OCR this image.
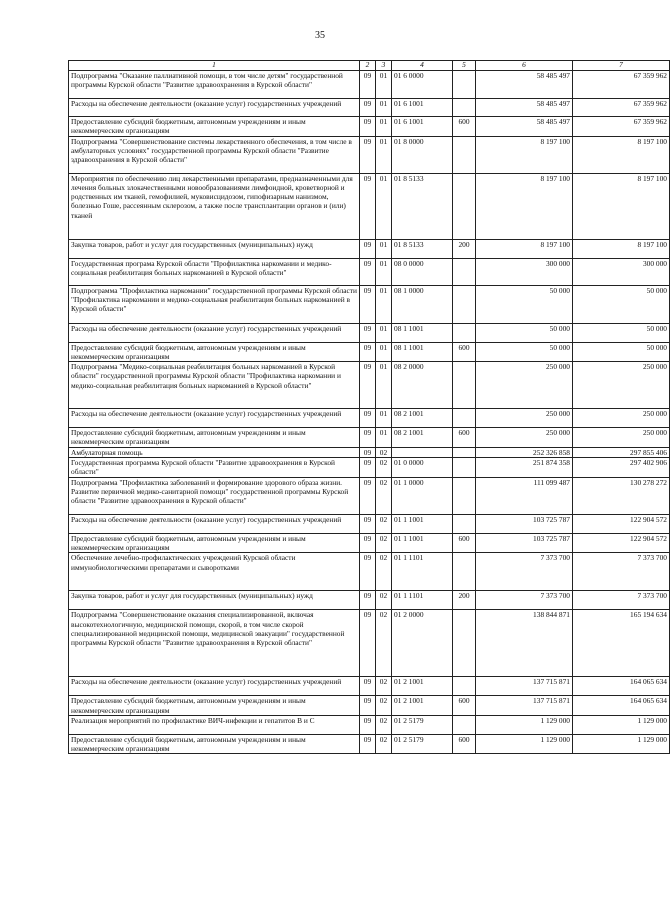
35
1	2	3	4	5	6	7
Подпрограмма "Оказание паллиативной помощи, в том числе детям" государственной программы Курской области "Развитие здравоохранения в Курской области"	09	01	01 6 0000		58 485 497	67 359 962
Расходы на обеспечение деятельности (оказание услуг) государственных учреждений	09	01	01 6 1001		58 485 497	67 359 962
Предоставление субсидий бюджетным, автономным учреждениям и иным некоммерческим организациям	09	01	01 6 1001	600	58 485 497	67 359 962
Подпрограмма "Совершенствование системы лекарственного обеспечения, в том числе в амбулаторных условиях" государственной программы Курской области "Развитие здравоохранения в Курской области"	09	01	01 8 0000		8 197 100	8 197 100
Мероприятия по обеспечению лиц лекарственными препаратами, предназначенными для лечения больных злокачественными новообразованиями лимфоидной, кроветворной и родственных им тканей, гемофилией, муковисцидозом, гипофизарным нанизмом, болезнью Гоше, рассеянным склерозом, а также после трансплантации органов и (или) тканей	09	01	01 8 5133		8 197 100	8 197 100
Закупка товаров, работ и услуг для государственных (муниципальных) нужд	09	01	01 8 5133	200	8 197 100	8 197 100
Государственная програма Курской области "Профилактика наркомании и медико-социальная реабилитация больных наркоманией в Курской области"	09	01	08 0 0000		300 000	300 000
Подпрограмма "Профилактика наркомании" государственной программы Курской области "Профилактика наркомании и медико-социальная реабилитация больных наркоманией в Курской области"	09	01	08 1 0000		50 000	50 000
Расходы на обеспечение деятельности (оказание услуг) государственных учреждений	09	01	08 1 1001		50 000	50 000
Предоставление субсидий бюджетным, автономным учреждениям и иным некоммерческим организациям	09	01	08 1 1001	600	50 000	50 000
Подпрограмма "Медико-социальная реабилитация больных наркоманией в Курской области" государственной программы Курской области "Профилактика наркомании и медико-социальная реабилитация больных наркоманией в Курской области"	09	01	08 2 0000		250 000	250 000
Расходы на обеспечение деятельности (оказание услуг) государственных учреждений	09	01	08 2 1001		250 000	250 000
Предоставление субсидий бюджетным, автономным учреждениям и иным некоммерческим организациям	09	01	08 2 1001	600	250 000	250 000
Амбулаторная помощь	09	02			252 326 858	297 855 406
Государственная программа Курской области "Развитие здравоохранения в Курской области"	09	02	01 0 0000		251 874 358	297 402 906
Подпрограмма "Профилактика заболеваний и формирование здорового образа жизни. Развитие первичной медико-санитарной помощи" государственной программы Курской области "Развитие здравоохранения в Курской области"	09	02	01 1 0000		111 099 487	130 278 272
Расходы на обеспечение деятельности (оказание услуг) государственных учреждений	09	02	01 1 1001		103 725 787	122 904 572
Предоставление субсидий бюджетным, автономным учреждениям и иным некоммерческим организациям	09	02	01 1 1001	600	103 725 787	122 904 572
Обеспечение лечебно-профилактических учреждений Курской области иммунобиологическими препаратами и сыворотками	09	02	01 1 1101		7 373 700	7 373 700
Закупка товаров, работ и услуг для государственных (муниципальных) нужд	09	02	01 1 1101	200	7 373 700	7 373 700
Подпрограмма "Совершенствование оказания специализированной, включая высокотехнологичную, медицинской помощи, скорой, в том числе скорой специализированной медицинской помощи, медицинской эвакуации" государственной программы Курской области "Развитие здравоохранения в Курской области"	09	02	01 2 0000		138 844 871	165 194 634
Расходы на обеспечение деятельности (оказание услуг) государственных учреждений	09	02	01 2 1001		137 715 871	164 065 634
Предоставление субсидий бюджетным, автономным учреждениям и иным некоммерческим организациям	09	02	01 2 1001	600	137 715 871	164 065 634
Реализация мероприятий по профилактике ВИЧ-инфекции и гепатитов В и С	09	02	01 2 5179		1 129 000	1 129 000
Предоставление субсидий бюджетным, автономным учреждениям и иным некоммерческим организациям	09	02	01 2 5179	600	1 129 000	1 129 000
